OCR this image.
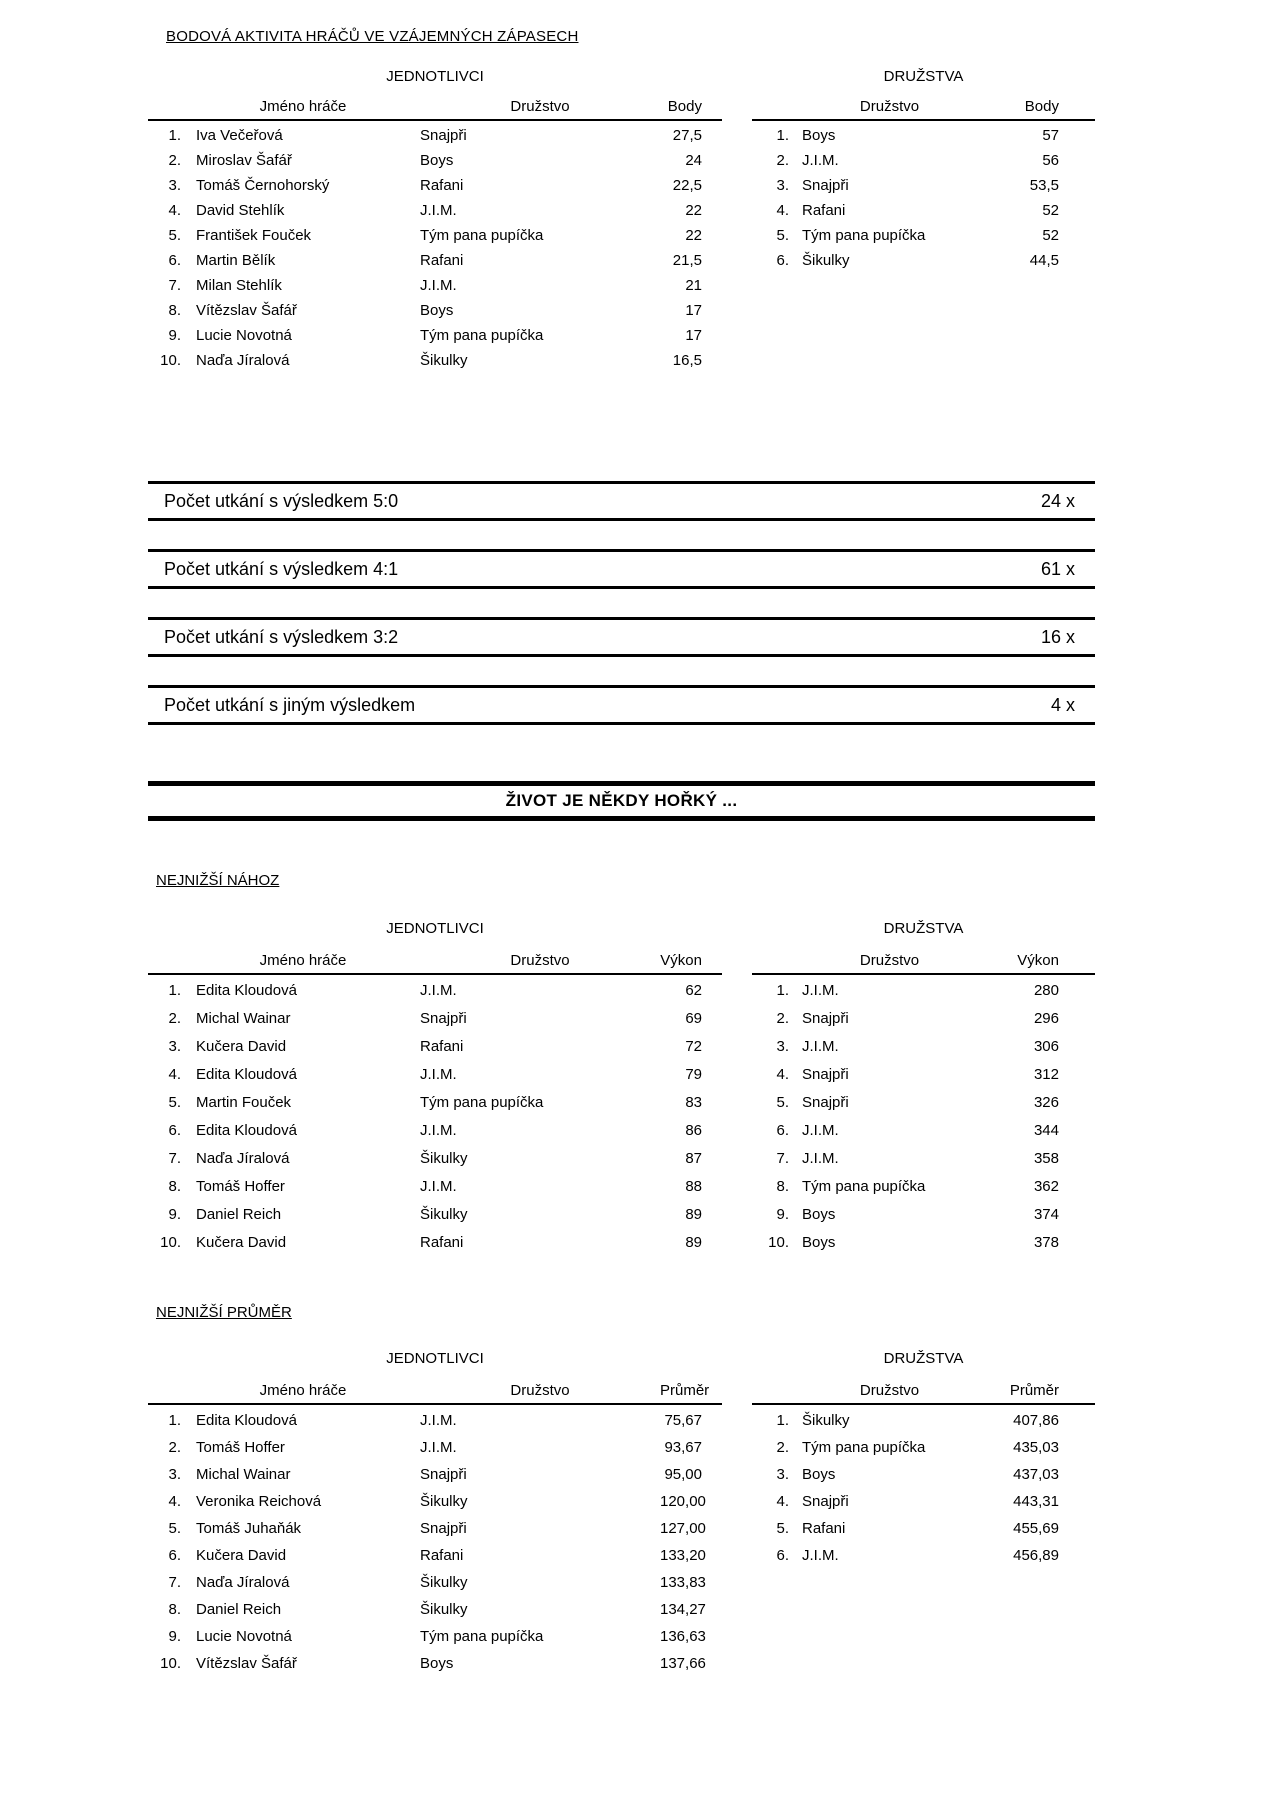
BODOVÁ AKTIVITA HRÁČŮ VE VZÁJEMNÝCH ZÁPASECH
JEDNOTLIVCI	DRUŽSTVA
Jméno hráče	Družstvo	Body
1.	Iva Večeřová	Snajpři	27,5
2.	Miroslav Šafář	Boys	24
3.	Tomáš Černohorský	Rafani	22,5
4.	David Stehlík	J.I.M.	22
5.	František Fouček	Tým pana pupíčka	22
6.	Martin Bělík	Rafani	21,5
7.	Milan Stehlík	J.I.M.	21
8.	Vítězslav Šafář	Boys	17
9.	Lucie Novotná	Tým pana pupíčka	17
10.	Naďa Jíralová	Šikulky	16,5
Družstvo	Body
1. Boys	57
2. J.I.M.	56
3. Snajpři	53,5
4. Rafani	52
5. Tým pana pupíčka	52
6. Šikulky	44,5
Počet utkání s výsledkem 5:0	24 x
Počet utkání s výsledkem 4:1	61 x
Počet utkání s výsledkem 3:2	16 x
Počet utkání s jiným výsledkem	4 x
ŽIVOT JE NĚKDY HOŘKÝ ...
NEJNIŽŠÍ NÁHOZ
JEDNOTLIVCI	DRUŽSTVA
Jméno hráče	Družstvo	Výkon
1.	Edita Kloudová	J.I.M.	62
2.	Michal Wainar	Snajpři	69
3.	Kučera David	Rafani	72
4.	Edita Kloudová	J.I.M.	79
5.	Martin Fouček	Tým pana pupíčka	83
6.	Edita Kloudová	J.I.M.	86
7.	Naďa Jíralová	Šikulky	87
8.	Tomáš Hoffer	J.I.M.	88
9.	Daniel Reich	Šikulky	89
10.	Kučera David	Rafani	89
Družstvo	Výkon
1. J.I.M.	280
2. Snajpři	296
3. J.I.M.	306
4. Snajpři	312
5. Snajpři	326
6. J.I.M.	344
7. J.I.M.	358
8. Tým pana pupíčka	362
9. Boys	374
10. Boys	378
NEJNIŽŠÍ PRŮMĚR
JEDNOTLIVCI	DRUŽSTVA
Jméno hráče	Družstvo	Průměr
1.	Edita Kloudová	J.I.M.	75,67
2.	Tomáš Hoffer	J.I.M.	93,67
3.	Michal Wainar	Snajpři	95,00
4.	Veronika Reichová	Šikulky	120,00
5.	Tomáš Juhaňák	Snajpři	127,00
6.	Kučera David	Rafani	133,20
7.	Naďa Jíralová	Šikulky	133,83
8.	Daniel Reich	Šikulky	134,27
9.	Lucie Novotná	Tým pana pupíčka	136,63
10.	Vítězslav Šafář	Boys	137,66
Družstvo	Průměr
1. Šikulky	407,86
2. Tým pana pupíčka	435,03
3. Boys	437,03
4. Snajpři	443,31
5. Rafani	455,69
6. J.I.M.	456,89
